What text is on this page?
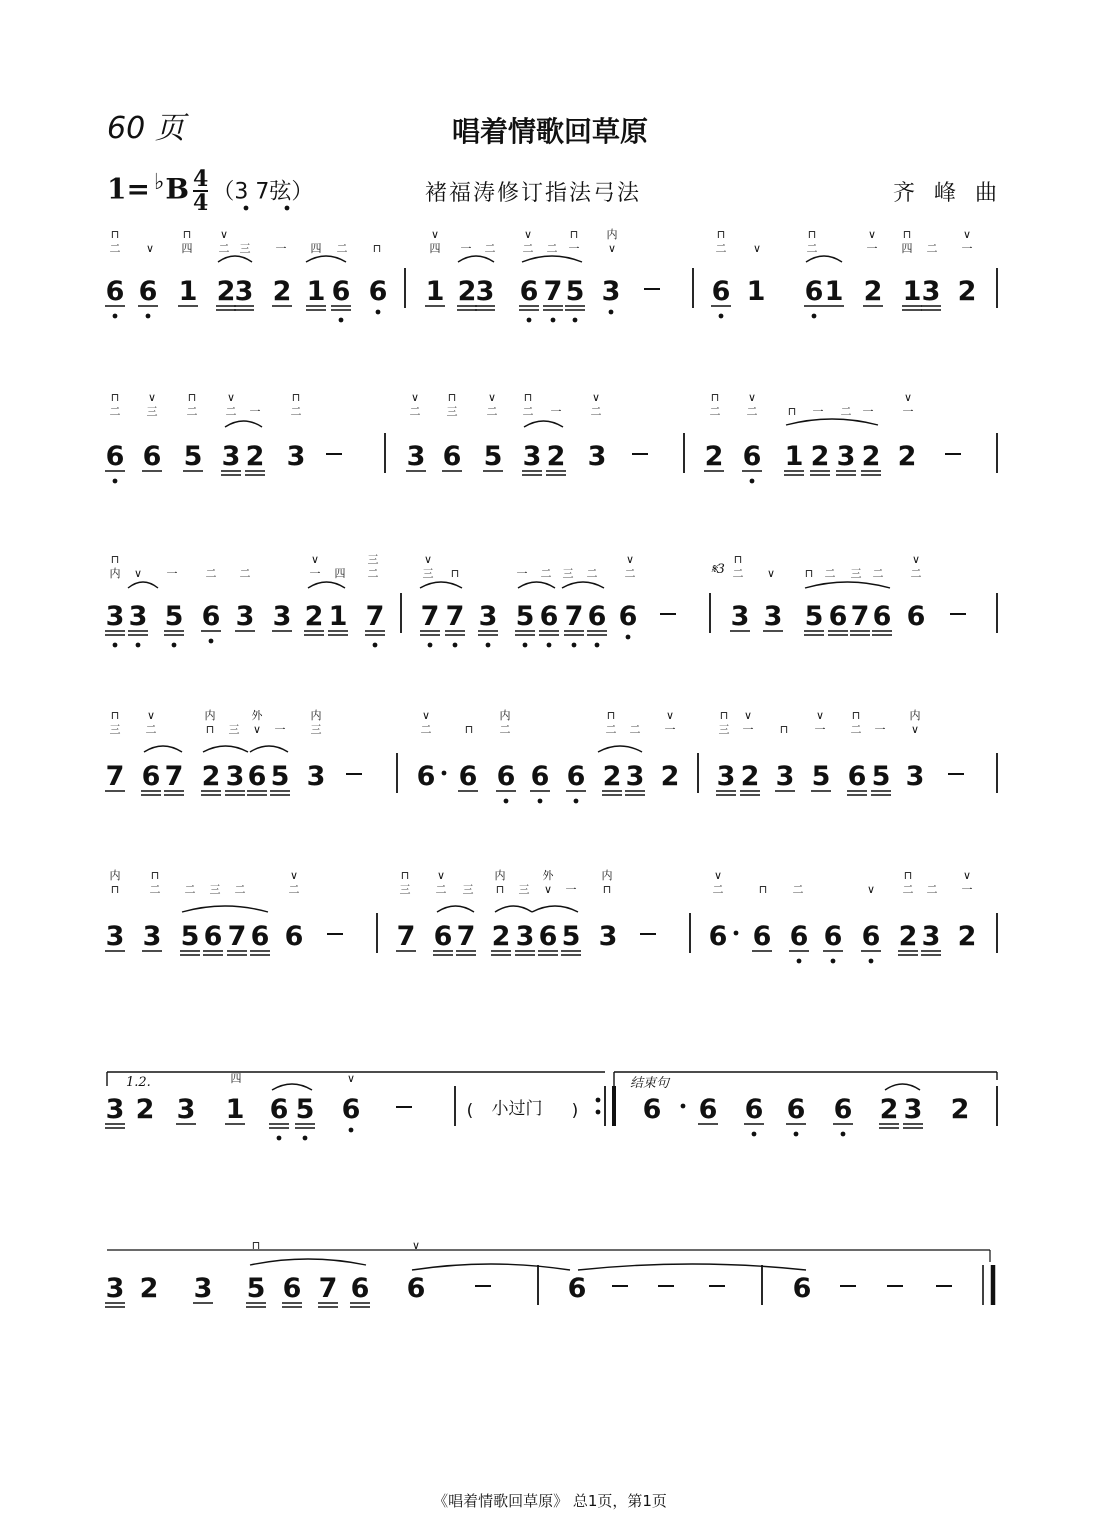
60 页	唱着情歌回草原
$1= ^♭B \frac{4}{4} (3$ 7弦）	褚福涛修订指法弓法	齐 峰 曲
6 6 1 2 3 2 1 6 6 1 2 3 6 7 5 3	6 1 6 1 2 1 3 2
6 6 5 3 2 3	3 6 5 3 2 3	2 6 1 2 3 2 2
3 3 5 6 3 3 2 1 7 7 7 3 5 6 7 6 6	3 3 5 6 7 6 6
7 6 7 2 3 6 5 3	6 6 6 6 6 2 3 2 3 2 3 5 6 5 3
3 3 5 6 7 6 6	7 6 7 2 3 6 5 3	6 6 6 6 6 2 3 2
3 2 3 1 6 5 6	6 6 6 6 6 2 3 2
3 2 3 5 6 7 6 6	6	6
二
⊓
∨ 四
⊓
二
∨
三 一 四 二 ⊓	四
∨
一 二 二
∨
二 一
⊓
∨
内
二
⊓
∨	二
⊓
一
∨
四
⊓
二 一
∨
二
⊓
三
∨
二
⊓
二
∨
一	二
⊓
二
∨
三
⊓
二
∨
二
⊓
一	二
∨
二
⊓
二
∨
⊓ 一 二 一	一
∨
内
⊓
∨ 一	二 二	一
∨
四 二
三
三
∨
⊓	一 二 三 二 二
∨
二
⊓
∨	⊓ 二 三 二 二
∨
三
⊓
二
∨
⊓
内
三 ∨
外
一 三
内
二
∨
⊓ 二
内
二
⊓
二 一
∨
三
⊓
一
∨
⊓ 一
∨
二
⊓
一 ∨
内
⊓
内
二
⊓
二 三 二	二
∨
三
⊓
二
∨
三 ⊓
内
三 ∨
外
一 ⊓
内
二
∨
⊓ 二	∨ 二
⊓
二 一
∨
四	∨
⊓	∨
1.2.
( 小过门 )
结束句
𝄋3
《唱着情歌回草原》 总1页，第1页
